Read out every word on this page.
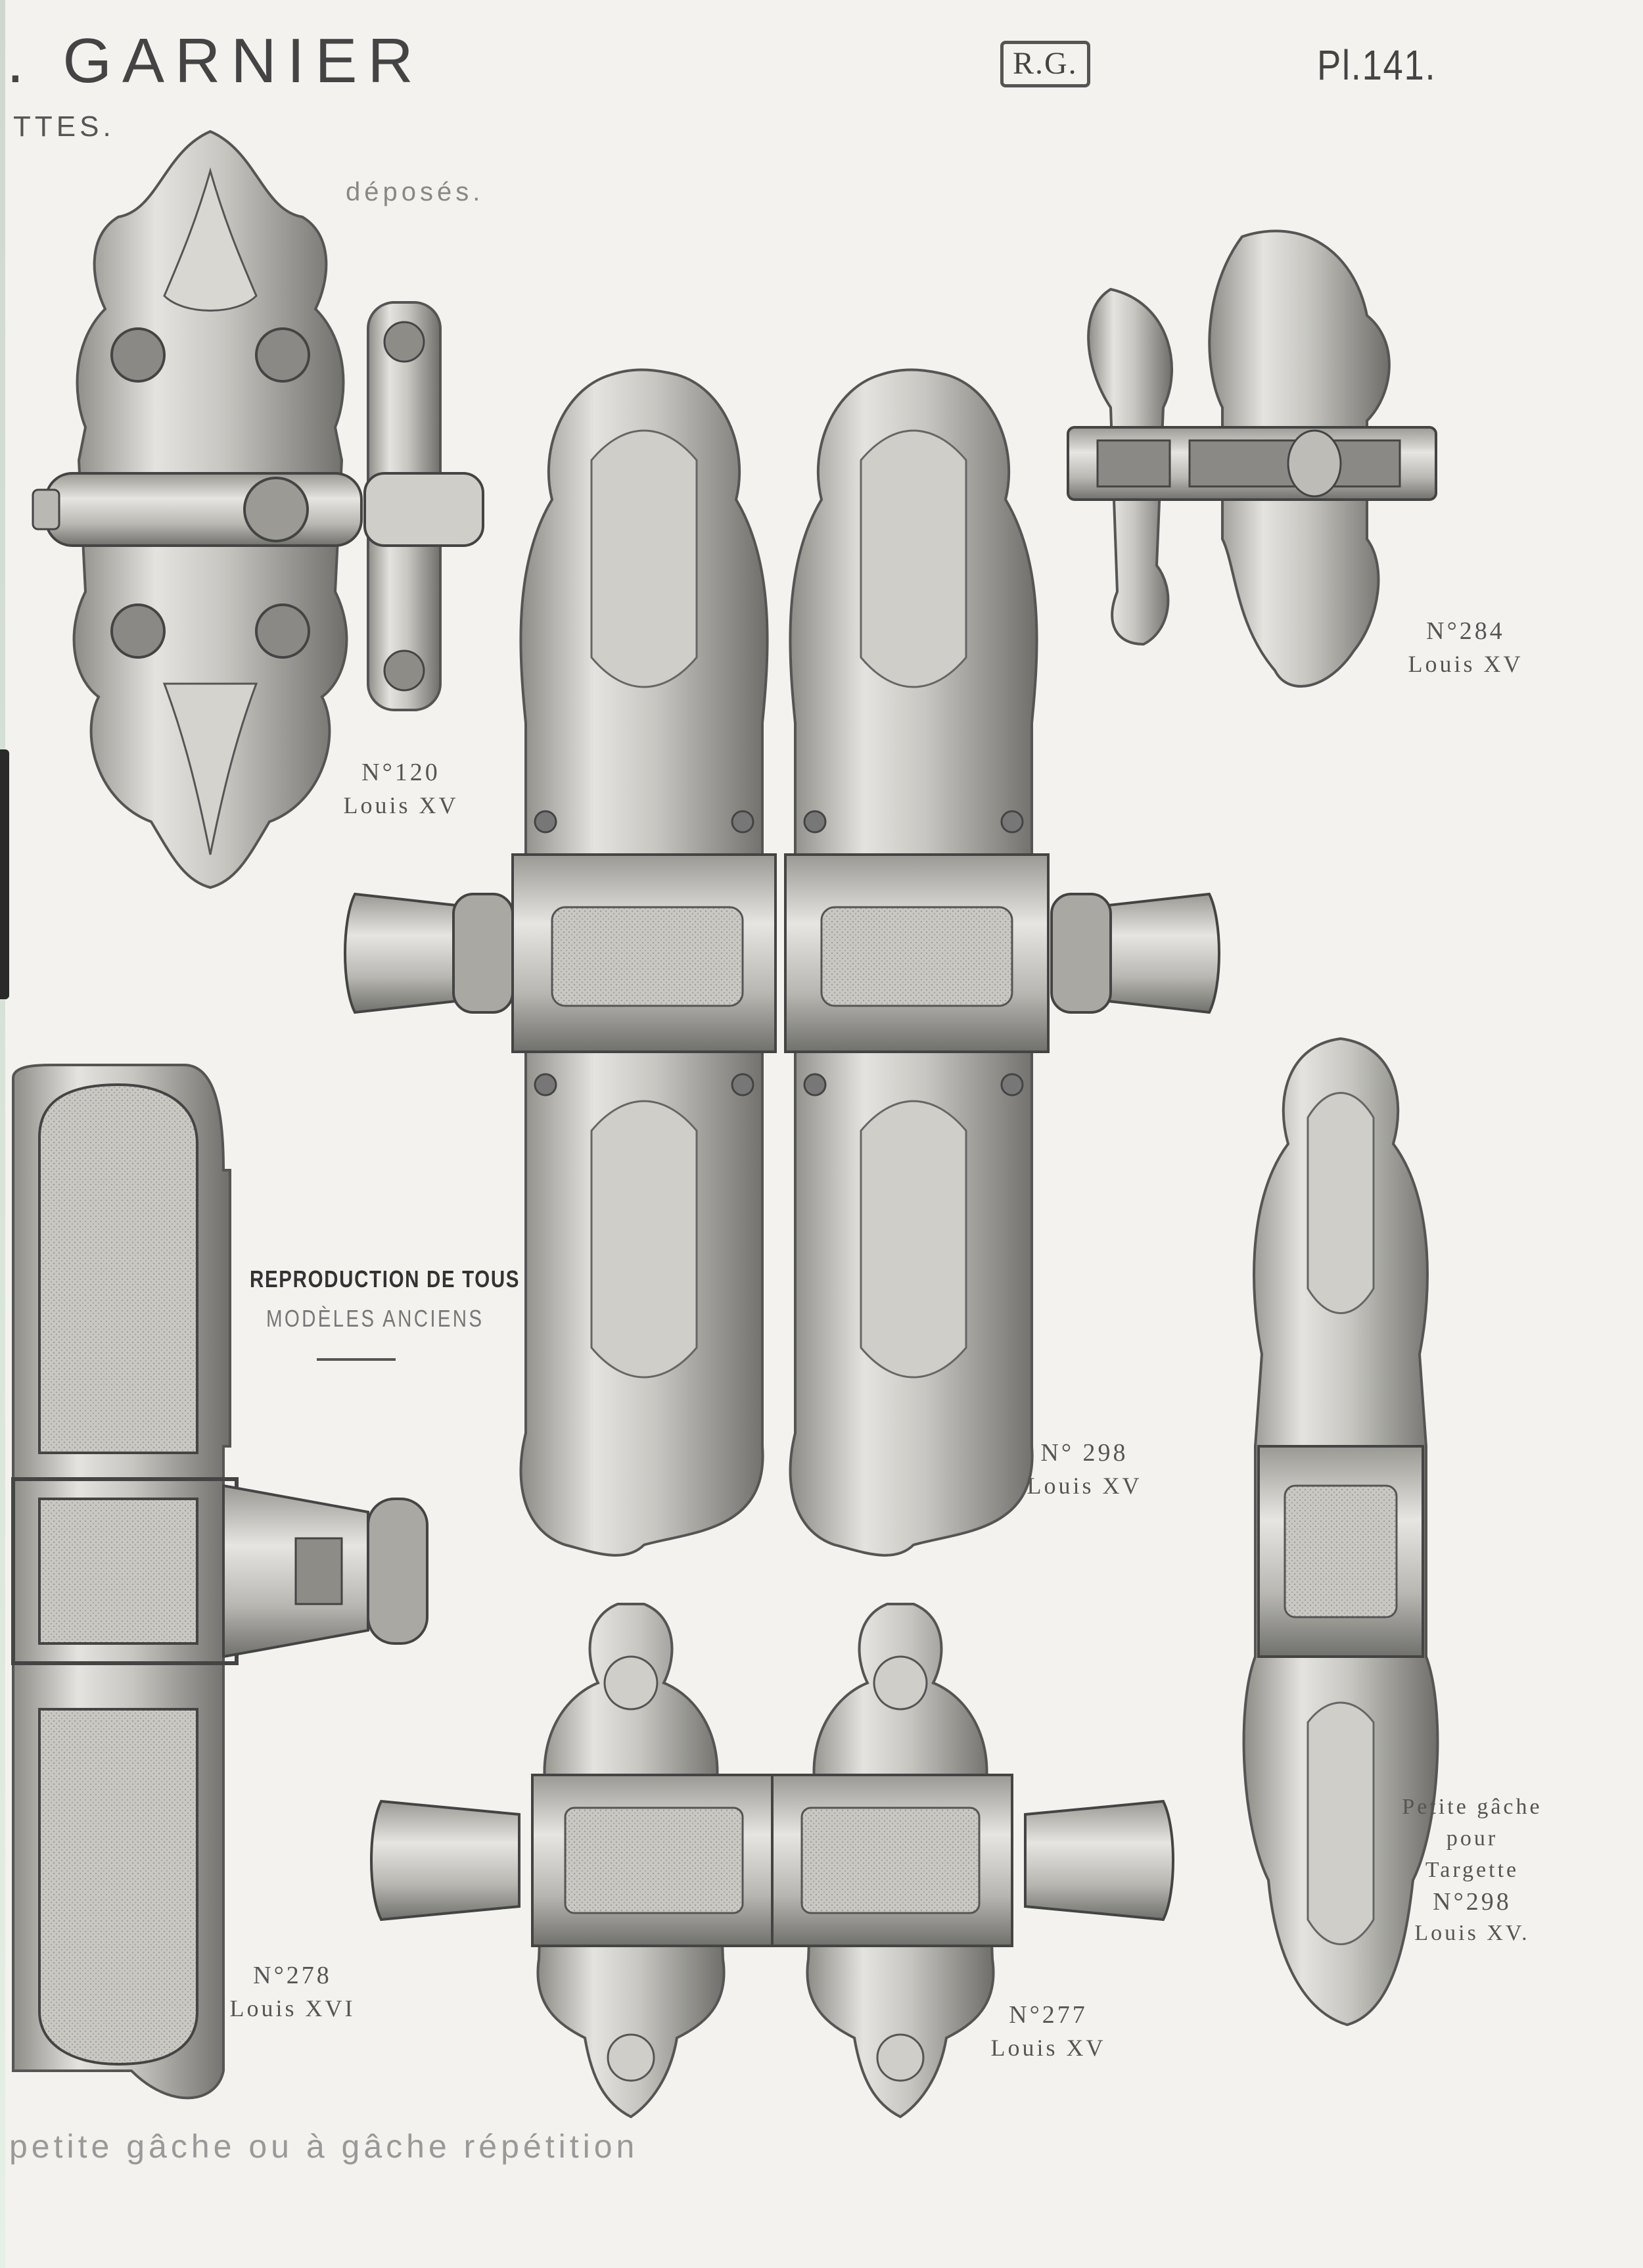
. GARNIER
TTES.
R.G.	Pl.141.
déposés.
N°120
Louis XV
N°284
Louis XV
N° 298
Louis XV
N°278
Louis XVI	N°277
Louis XV
Petite gâche
pour
Targette
N°298
Louis XV.
REPRODUCTION DE TOUS
MODÈLES ANCIENS
petite gâche ou à gâche répétition
